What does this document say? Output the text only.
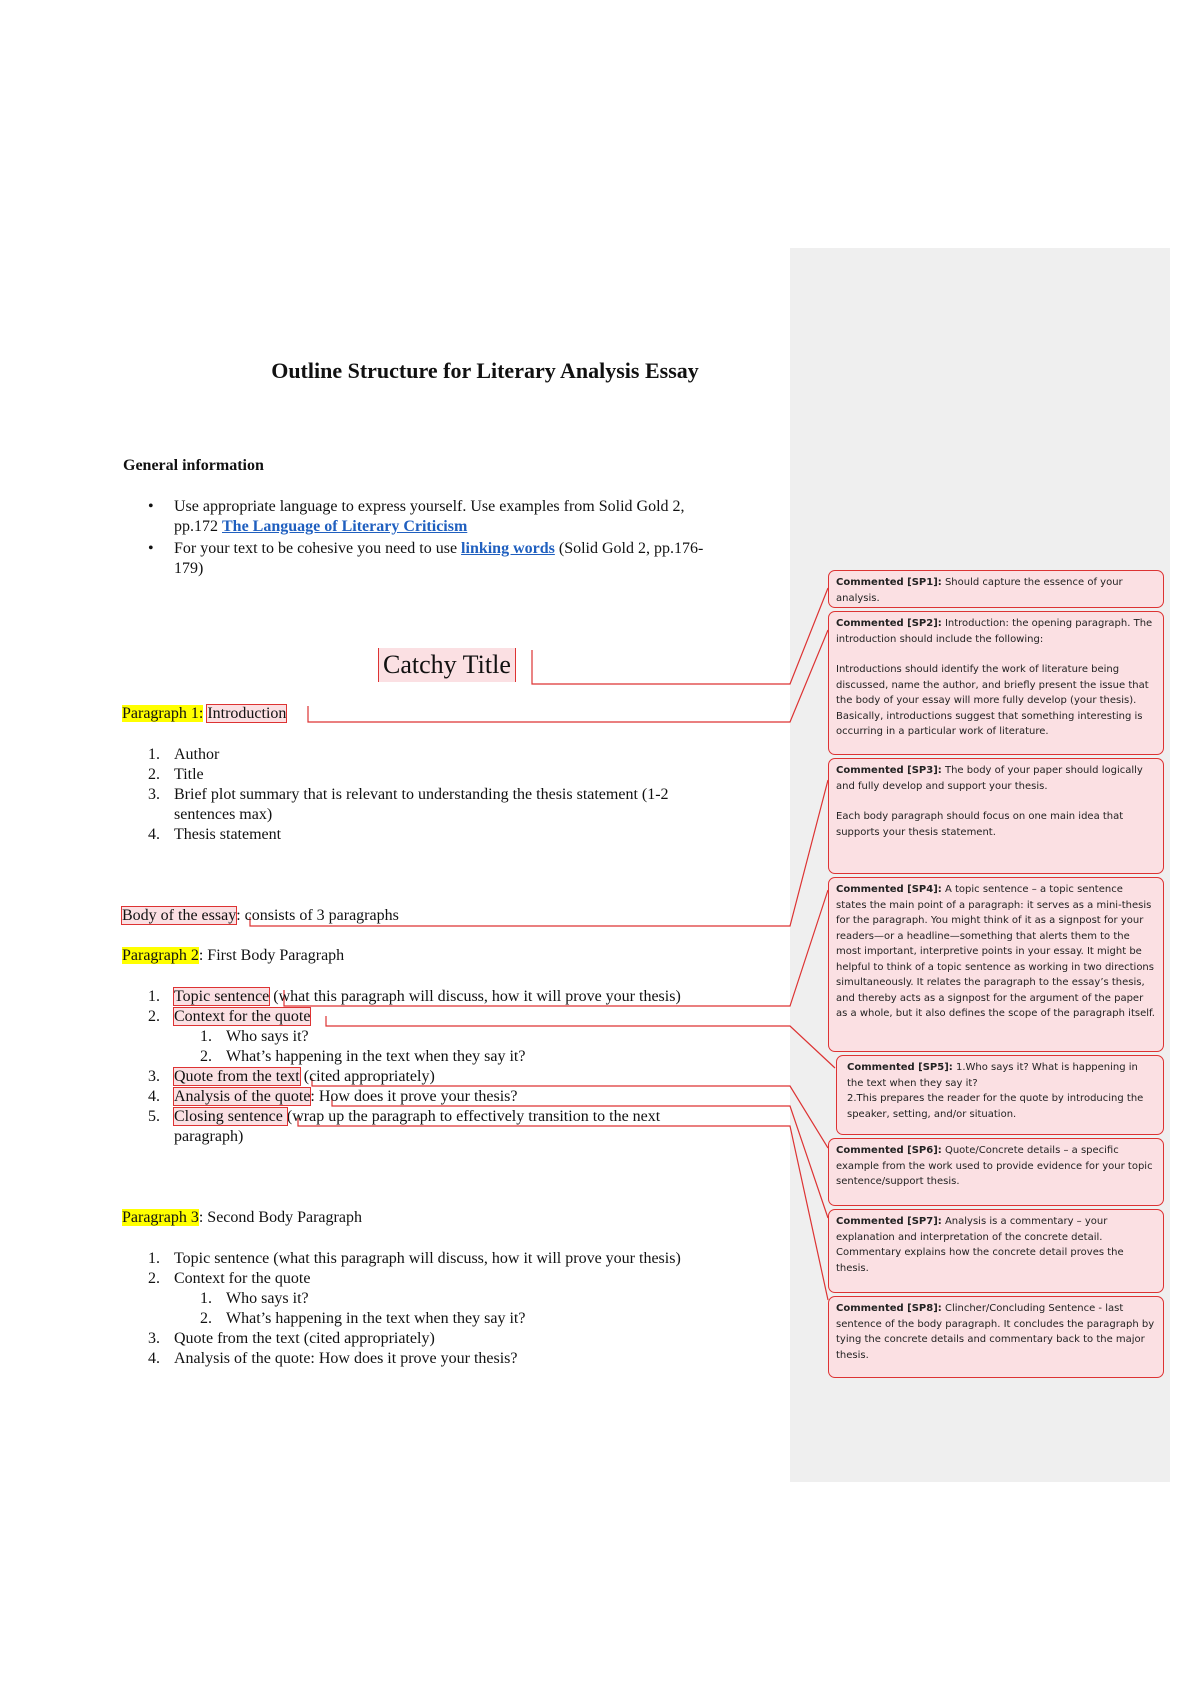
Outline Structure for Literary Analysis Essay
General information
• Use appropriate language to express yourself. Use examples from Solid Gold 2,
pp.172 The Language of Literary Criticism
• For your text to be cohesive you need to use linking words (Solid Gold 2, pp.176-
179)
Catchy Title
Paragraph 1: Introduction
1. Author
2. Title
3. Brief plot summary that is relevant to understanding the thesis statement (1-2
sentences max)
4. Thesis statement
Body of the essay: consists of 3 paragraphs
Paragraph 2: First Body Paragraph
1. Topic sentence (what this paragraph will discuss, how it will prove your thesis)
2. Context for the quote
1. Who says it?
2. What’s happening in the text when they say it?
3. Quote from the text (cited appropriately)
4. Analysis of the quote: How does it prove your thesis?
5. Closing sentence (wrap up the paragraph to effectively transition to the next
paragraph)
Paragraph 3: Second Body Paragraph
1. Topic sentence (what this paragraph will discuss, how it will prove your thesis)
2. Context for the quote
1. Who says it?
2. What’s happening in the text when they say it?
3. Quote from the text (cited appropriately)
4. Analysis of the quote: How does it prove your thesis?

Commented [SP1]: Should capture the essence of your analysis.

Commented [SP2]: Introduction: the opening paragraph. The introduction should include the following:

Introductions should identify the work of literature being discussed, name the author, and briefly present the issue that the body of your essay will more fully develop (your thesis). Basically, introductions suggest that something interesting is occurring in a particular work of literature.

Commented [SP3]: The body of your paper should logically and fully develop and support your thesis.

Each body paragraph should focus on one main idea that supports your thesis statement.

Commented [SP4]: A topic sentence – a topic sentence states the main point of a paragraph: it serves as a mini-thesis for the paragraph. You might think of it as a signpost for your readers—or a headline—something that alerts them to the most important, interpretive points in your essay. It might be helpful to think of a topic sentence as working in two directions simultaneously. It relates the paragraph to the essay’s thesis, and thereby acts as a signpost for the argument of the paper as a whole, but it also defines the scope of the paragraph itself.

Commented [SP5]: 1.Who says it? What is happening in the text when they say it?

2.This prepares the reader for the quote by introducing the speaker, setting, and/or situation.

Commented [SP6]: Quote/Concrete details – a specific example from the work used to provide evidence for your topic sentence/support thesis.

Commented [SP7]: Analysis is a commentary – your explanation and interpretation of the concrete detail. Commentary explains how the concrete detail proves the thesis.

Commented [SP8]: Clincher/Concluding Sentence - last sentence of the body paragraph. It concludes the paragraph by tying the concrete details and commentary back to the major thesis.
